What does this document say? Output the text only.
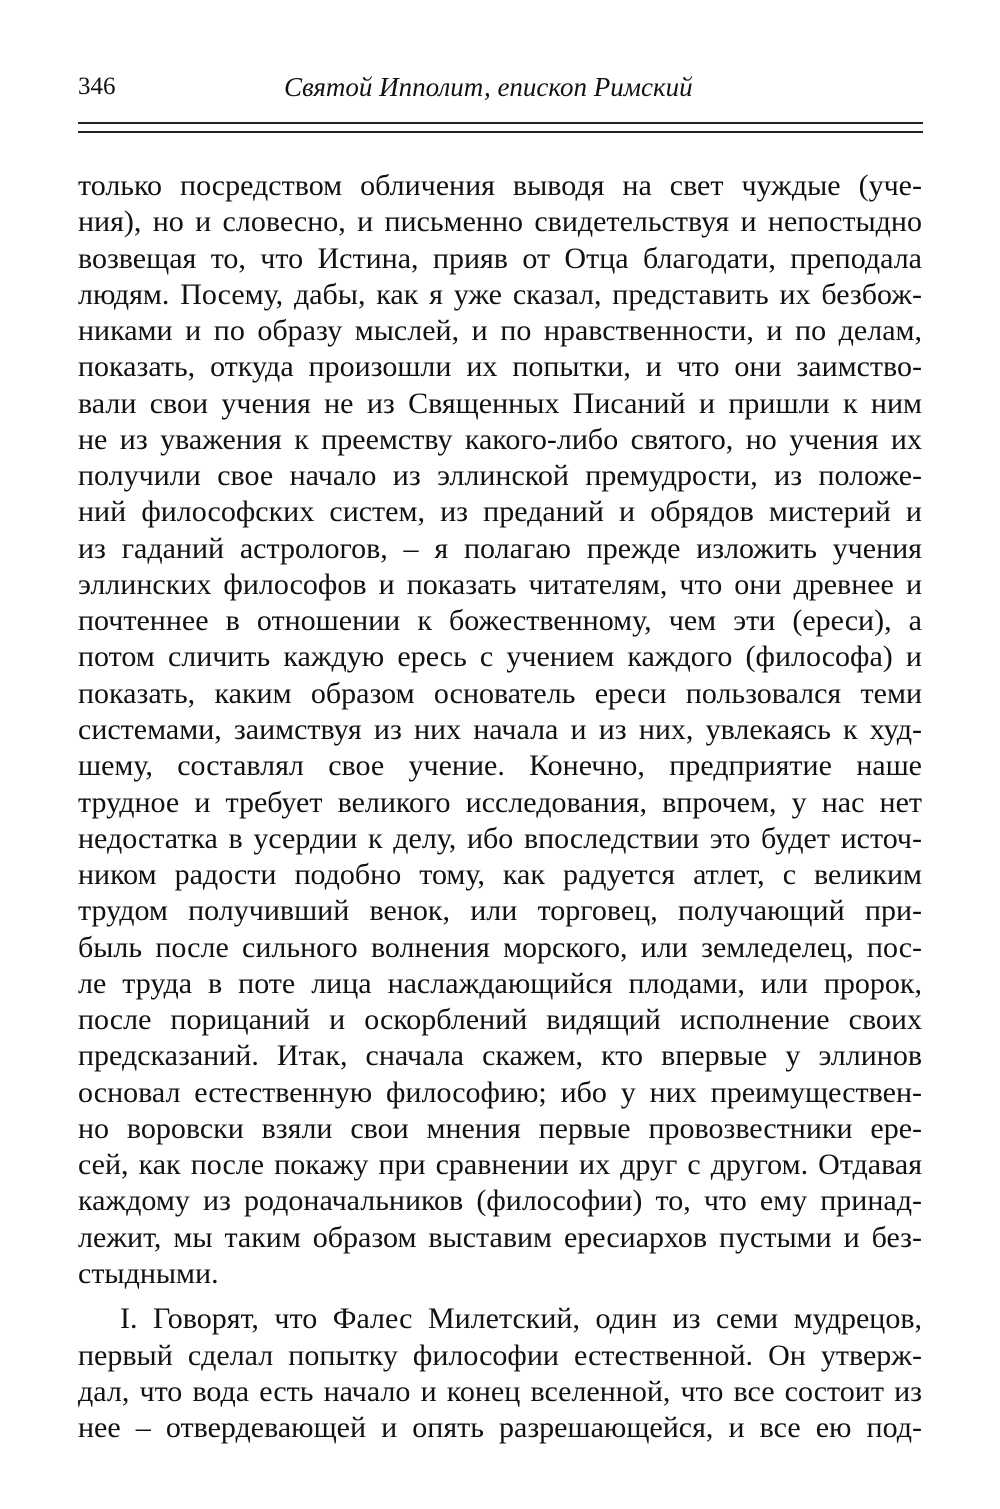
346	Святой Ипполит, епископ Римский
только посредством обличения выводя на свет чуждые (уче-
ния), но и словесно, и письменно свидетельствуя и непостыдно
возвещая то, что Истина, прияв от Отца благодати, преподала
людям. Посему, дабы, как я уже сказал, представить их безбож-
никами и по образу мыслей, и по нравственности, и по делам,
показать, откуда произошли их попытки, и что они заимство-
вали свои учения не из Священных Писаний и пришли к ним
не из уважения к преемству какого-либо святого, но учения их
получили свое начало из эллинской премудрости, из положе-
ний философских систем, из преданий и обрядов мистерий и
из гаданий астрологов, – я полагаю прежде изложить учения
эллинских философов и показать читателям, что они древнее и
почтеннее в отношении к божественному, чем эти (ереси), а
потом сличить каждую ересь с учением каждого (философа) и
показать, каким образом основатель ереси пользовался теми
системами, заимствуя из них начала и из них, увлекаясь к худ-
шему, составлял свое учение. Конечно, предприятие наше
трудное и требует великого исследования, впрочем, у нас нет
недостатка в усердии к делу, ибо впоследствии это будет источ-
ником радости подобно тому, как радуется атлет, с великим
трудом получивший венок, или торговец, получающий при-
быль после сильного волнения морского, или земледелец, пос-
ле труда в поте лица наслаждающийся плодами, или пророк,
после порицаний и оскорблений видящий исполнение своих
предсказаний. Итак, сначала скажем, кто впервые у эллинов
основал естественную философию; ибо у них преимуществен-
но воровски взяли свои мнения первые провозвестники ере-
сей, как после покажу при сравнении их друг с другом. Отдавая
каждому из родоначальников (философии) то, что ему принад-
лежит, мы таким образом выставим ересиархов пустыми и без-
стыдными.
I. Говорят, что Фалес Милетский, один из семи мудрецов,
первый сделал попытку философии естественной. Он утверж-
дал, что вода есть начало и конец вселенной, что все состоит из
нее – отвердевающей и опять разрешающейся, и все ею под-
